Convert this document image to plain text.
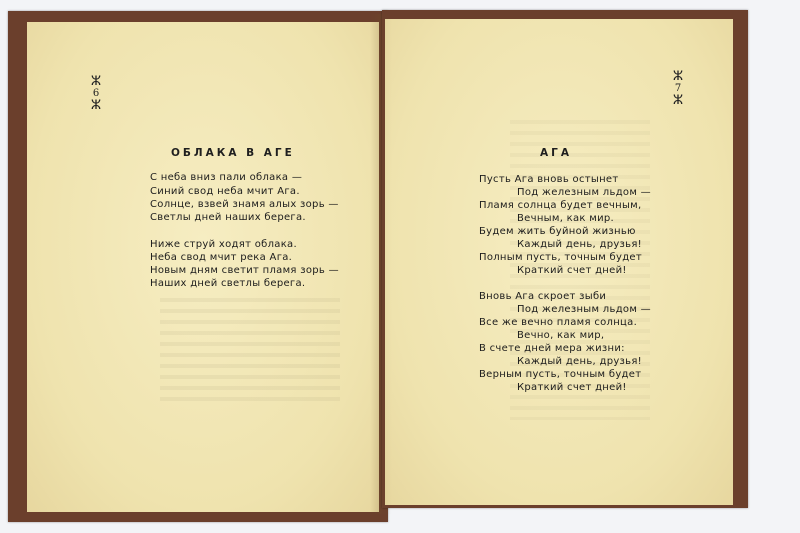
ⵣ
6
ⵣ
ⵣ
7
ⵣ
ОБЛАКА В АГЕ	АГА
С неба вниз пали облака —
Синий свод неба мчит Ага.
Солнце, взвей знамя алых зорь —
Светлы дней наших берега.
Ниже струй ходят облака.
Неба свод мчит река Ага.
Новым дням светит пламя зорь —
Наших дней светлы берега.
Пусть Ага вновь остынет
Под железным льдом —
Пламя солнца будет вечным,
Вечным, как мир.
Будем жить буйной жизнью
Каждый день, друзья!
Полным пусть, точным будет
Краткий счет дней!
Вновь Ага скроет зыби
Под железным льдом —
Все же вечно пламя солнца.
Вечно, как мир,
В счете дней мера жизни:
Каждый день, друзья!
Верным пусть, точным будет
Краткий счет дней!
